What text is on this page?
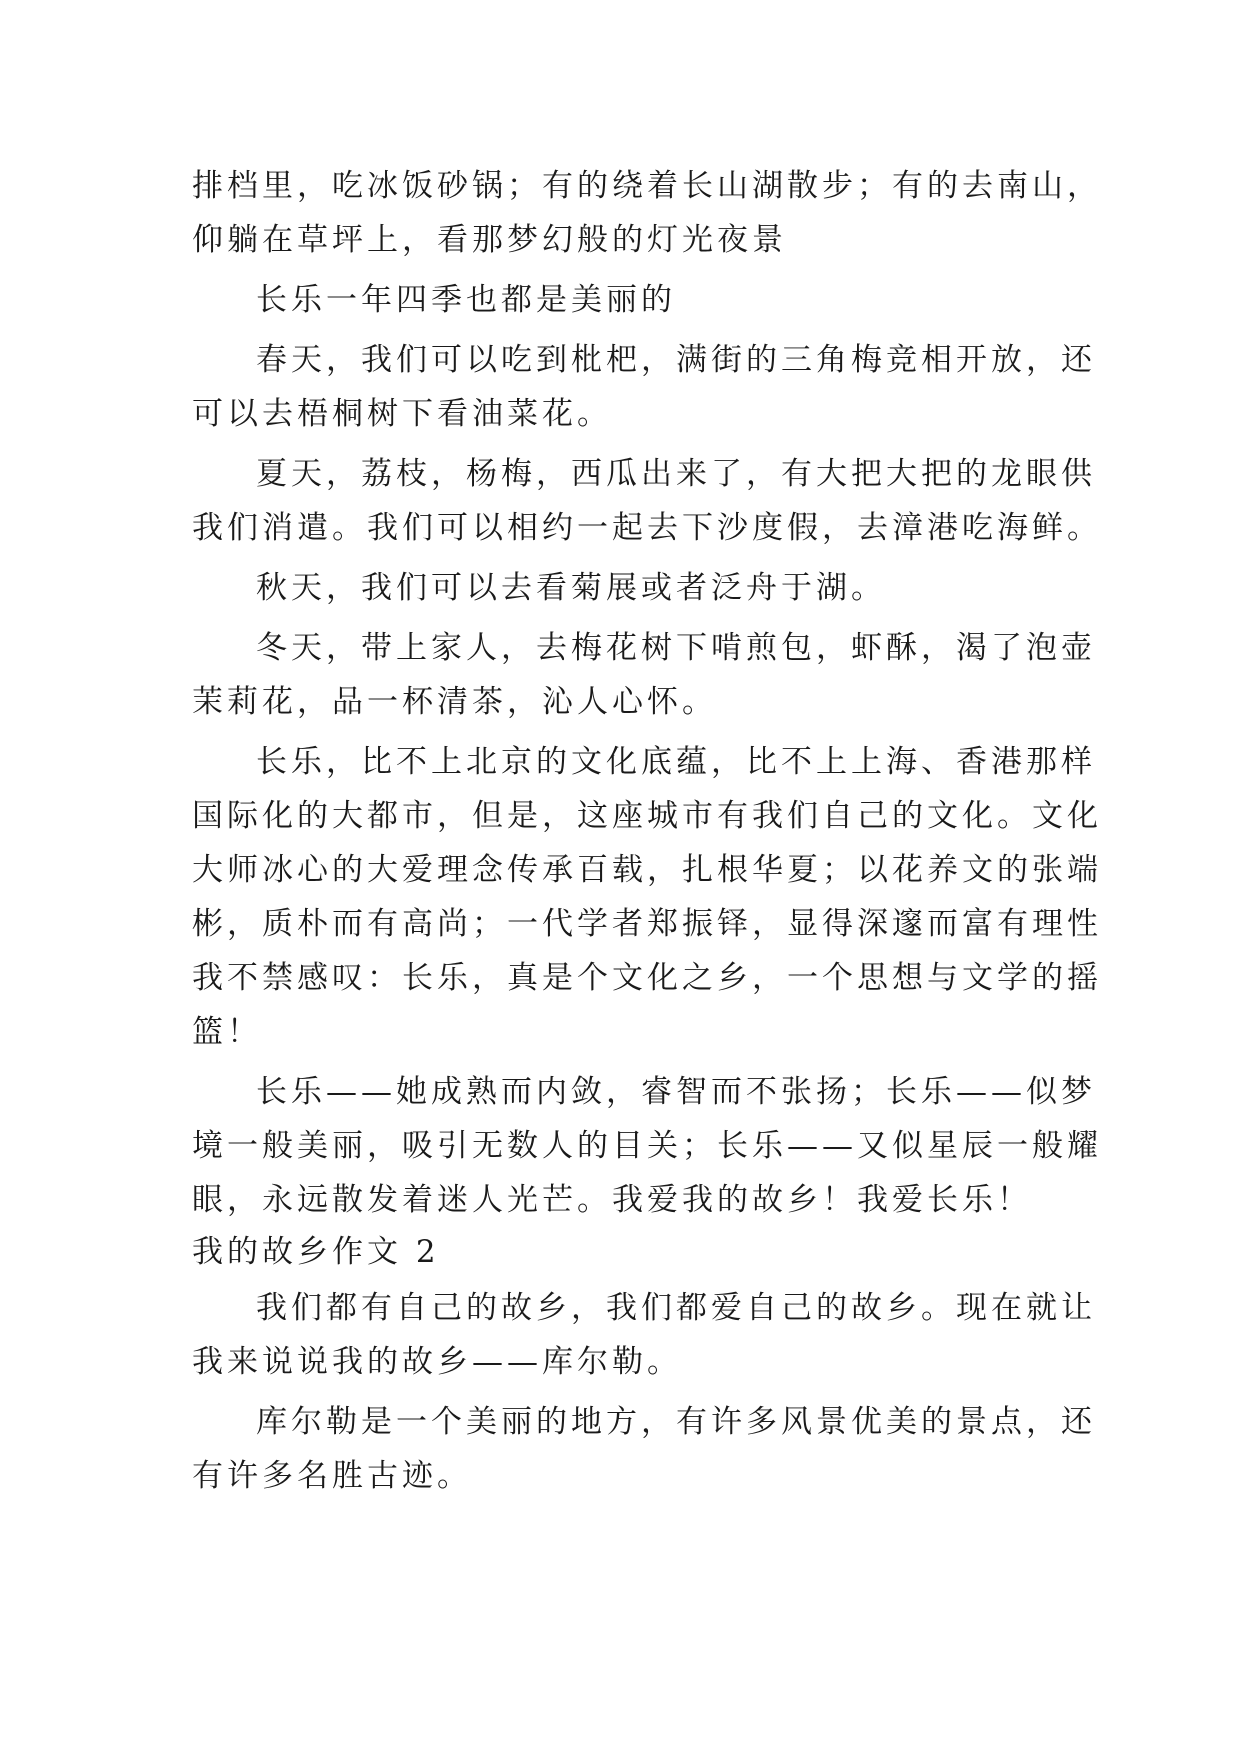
排档里，吃冰饭砂锅；有的绕着长山湖散步；有的去南山，
仰躺在草坪上，看那梦幻般的灯光夜景
长乐一年四季也都是美丽的
春天，我们可以吃到枇杷，满街的三角梅竞相开放，还
可以去梧桐树下看油菜花。
夏天，荔枝，杨梅，西瓜出来了，有大把大把的龙眼供
我们消遣。我们可以相约一起去下沙度假，去漳港吃海鲜。
秋天，我们可以去看菊展或者泛舟于湖。
冬天，带上家人，去梅花树下啃煎包，虾酥，渴了泡壶
茉莉花，品一杯清茶，沁人心怀。
长乐，比不上北京的文化底蕴，比不上上海、香港那样
国际化的大都市，但是，这座城市有我们自己的文化。文化
大师冰心的大爱理念传承百载，扎根华夏；以花养文的张端
彬，质朴而有高尚；一代学者郑振铎，显得深邃而富有理性
我不禁感叹：长乐，真是个文化之乡，一个思想与文学的摇
篮！
长乐——她成熟而内敛，睿智而不张扬；长乐——似梦
境一般美丽，吸引无数人的目关；长乐——又似星辰一般耀
眼，永远散发着迷人光芒。我爱我的故乡！我爱长乐！
我的故乡作文 2
我们都有自己的故乡，我们都爱自己的故乡。现在就让
我来说说我的故乡——库尔勒。
库尔勒是一个美丽的地方，有许多风景优美的景点，还
有许多名胜古迹。
